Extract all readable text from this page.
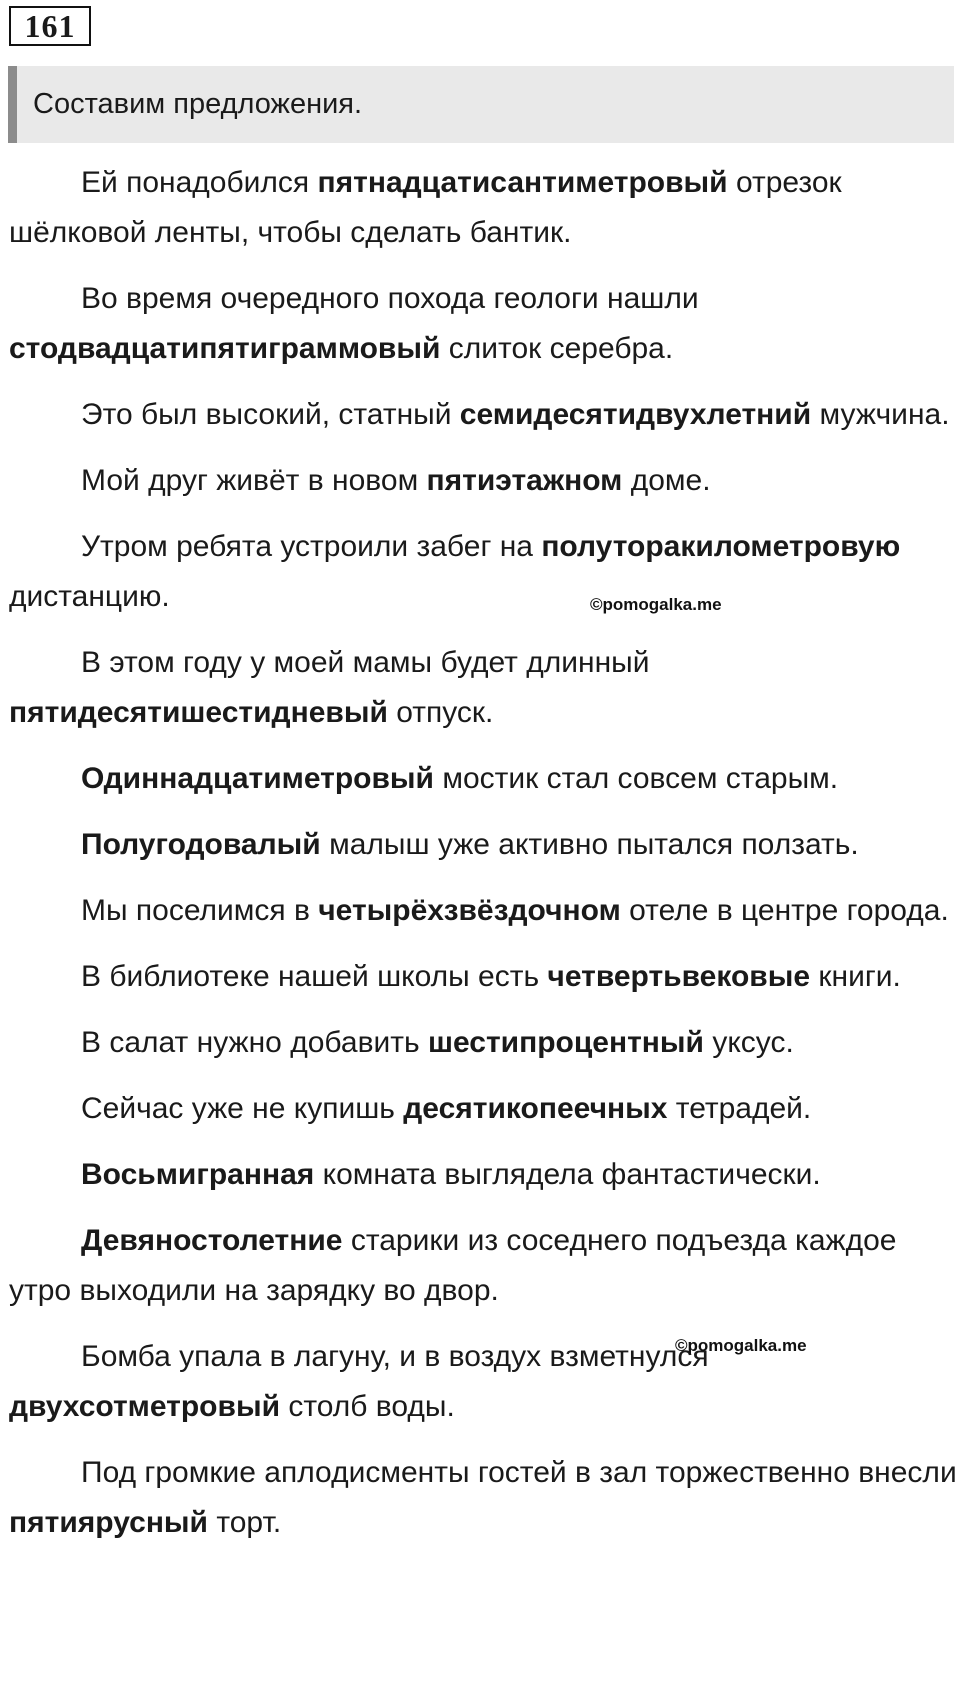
161
Составим предложения.

Ей понадобился пятнадцатисантиметровый отрезок шёлковой ленты, чтобы сделать бантик.

Во время очередного похода геологи нашли стодвадцатипятиграммовый слиток серебра.

Это был высокий, статный семидесятидвухлетний мужчина.

Мой друг живёт в новом пятиэтажном доме.

Утром ребята устроили забег на полуторакилометровую дистанцию.

В этом году у моей мамы будет длинный пятидесятишестидневый отпуск.

Одиннадцатиметровый мостик стал совсем старым.

Полугодовалый малыш уже активно пытался ползать.

Мы поселимся в четырёхзвёздочном отеле в центре города.

В библиотеке нашей школы есть четвертьвековые книги.

В салат нужно добавить шестипроцентный уксус.

Сейчас уже не купишь десятикопеечных тетрадей.

Восьмигранная комната выглядела фантастически.

Девяностолетние старики из соседнего подъезда каждое утро выходили на зарядку во двор.

Бомба упала в лагуну, и в воздух взметнулся двухсотметровый столб воды.

Под громкие аплодисменты гостей в зал торжественно внесли пятиярусный торт.

©pomogalka.me
©pomogalka.me
